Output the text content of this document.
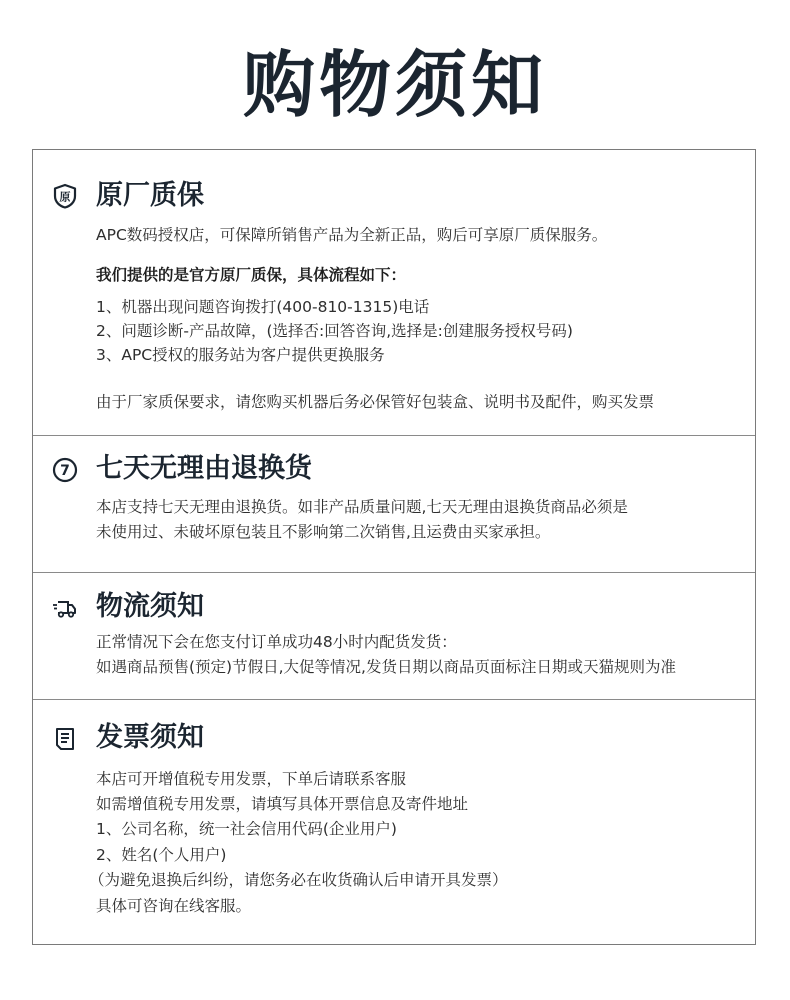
购物须知
原 原厂质保
APC数码授权店，可保障所销售产品为全新正品，购后可享原厂质保服务。
我们提供的是官方原厂质保，具体流程如下：
1、机器出现问题咨询拨打(400-810-1315)电话
2、问题诊断-产品故障，(选择否:回答咨询,选择是:创建服务授权号码)
3、APC授权的服务站为客户提供更换服务
由于厂家质保要求，请您购买机器后务必保管好包装盒、说明书及配件，购买发票
7 七天无理由退换货
本店支持七天无理由退换货。如非产品质量问题,七天无理由退换货商品必须是
未使用过、未破坏原包装且不影响第二次销售,且运费由买家承担。
物流须知
正常情况下会在您支付订单成功48小时内配货发货：
如遇商品预售(预定)节假日,大促等情况,发货日期以商品页面标注日期或天猫规则为准
发票须知
本店可开增值税专用发票，下单后请联系客服
如需增值税专用发票，请填写具体开票信息及寄件地址
1、公司名称，统一社会信用代码(企业用户)
2、姓名(个人用户)
（为避免退换后纠纷，请您务必在收货确认后申请开具发票）
具体可咨询在线客服。
